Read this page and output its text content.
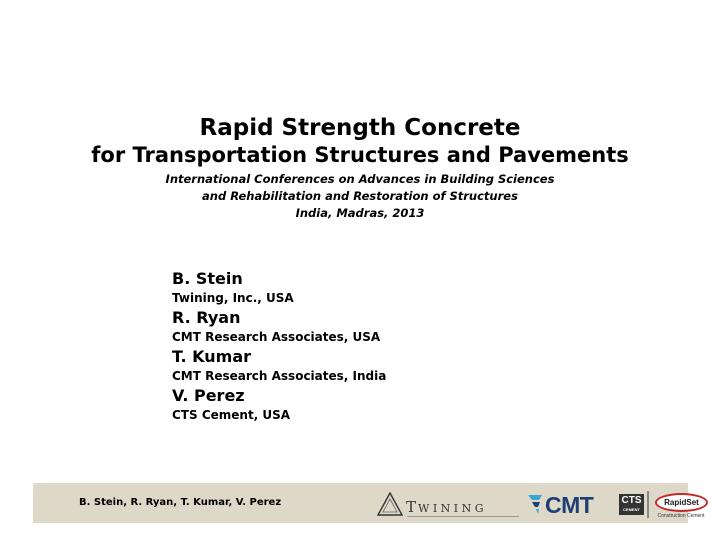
Rapid Strength Concrete

for Transportation Structures and Pavements

International Conferences on Advances in Building Sciences

and Rehabilitation and Restoration of Structures

India, Madras, 2013

B. Stein
Twining, Inc., USA
R. Ryan
CMT Research Associates, USA
T. Kumar
CMT Research Associates, India
V. Perez
CTS Cement, USA
B. Stein, R. Ryan, T. Kumar, V. Perez	TWINING	CMT	CTS
CEMENT
RapidSet
Construction Cement
